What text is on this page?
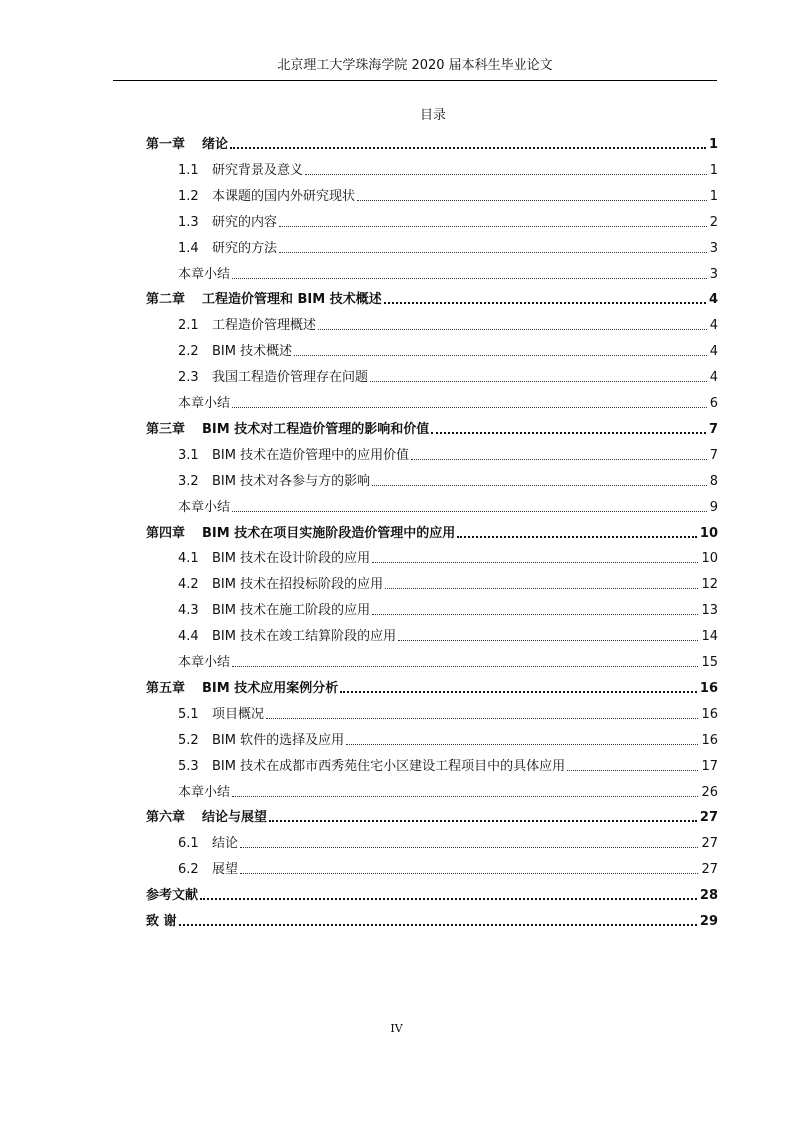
北京理工大学珠海学院 2020 届本科生毕业论文
目录
第一章	绪论	1
1.1	研究背景及意义	1
1.2	本课题的国内外研究现状	1
1.3	研究的内容	2
1.4	研究的方法	3
本章小结	3
第二章	工程造价管理和 BIM 技术概述	4
2.1	工程造价管理概述	4
2.2	BIM 技术概述	4
2.3	我国工程造价管理存在问题	4
本章小结	6
第三章	BIM 技术对工程造价管理的影响和价值	7
3.1	BIM 技术在造价管理中的应用价值	7
3.2	BIM 技术对各参与方的影响	8
本章小结	9
第四章	BIM 技术在项目实施阶段造价管理中的应用	10
4.1	BIM 技术在设计阶段的应用	10
4.2	BIM 技术在招投标阶段的应用	12
4.3	BIM 技术在施工阶段的应用	13
4.4	BIM 技术在竣工结算阶段的应用	14
本章小结	15
第五章	BIM 技术应用案例分析	16
5.1	项目概况	16
5.2	BIM 软件的选择及应用	16
5.3	BIM 技术在成都市西秀苑住宅小区建设工程项目中的具体应用	17
本章小结	26
第六章	结论与展望	27
6.1	结论	27
6.2	展望	27
参考文献	28
致 谢	29
IV
